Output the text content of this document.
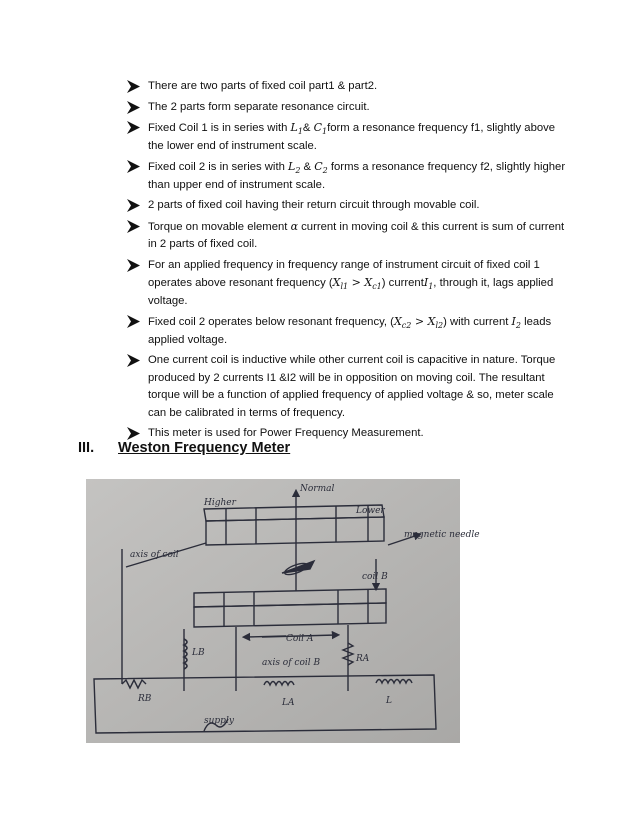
There are two parts of fixed coil part1 & part2.
The 2 parts form separate resonance circuit.
Fixed Coil 1 is in series with $L_1\&$ $C_1form$ a resonance frequency f1, slightly above the lower end of instrument scale.
Fixed coil 2 is in series with $L_2$ & $C_2$ forms a resonance frequency f2, slightly higher than upper end of instrument scale.
2 parts of fixed coil having their return circuit through movable coil.
Torque on movable element α current in moving coil & this current is sum of current in 2 parts of fixed coil.
For an applied frequency in frequency range of instrument circuit of fixed coil 1 operates above resonant frequency $(X_{l1} > X_{c1})$ currentI$_1$, through it, lags applied voltage.
Fixed coil 2 operates below resonant frequency, $(X_{c2} > X_{l2})$ with current $I_2$ leads applied voltage.
One current coil is inductive while other current coil is capacitive in nature. Torque produced by 2 currents I1 &I2 will be in opposition on moving coil. The resultant torque will be a function of applied frequency of applied voltage & so, meter scale can be calibrated in terms of frequency.
This meter is used for Power Frequency Measurement.
III. Weston Frequency Meter
Normal
Higher
Lower
magnetic needle
axis of coil
coil B
Coil A
LB
RA
axis of coil B
RB	LA	L
supply
